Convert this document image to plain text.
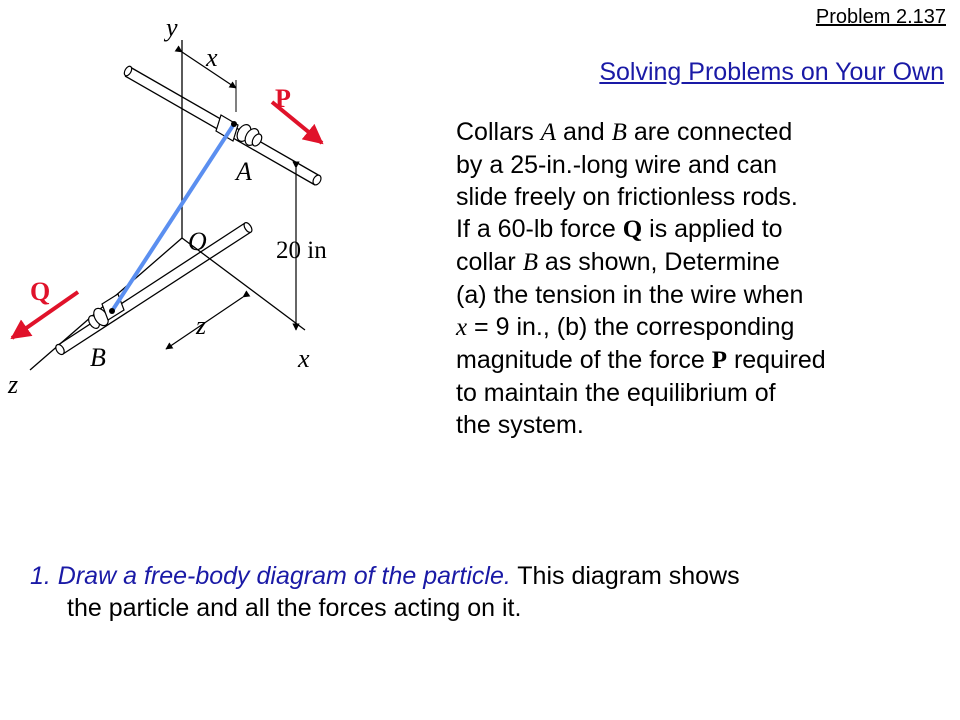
y
x
P
A
O	20 in
Q
z
B	x
z
Problem 2.137
Solving Problems on Your Own
Collars A and B are connected
by a 25-in.-long wire and can
slide freely on frictionless rods.
If a 60-lb force Q is applied to
collar B as shown, Determine
(a) the tension in the wire when
x = 9 in., (b) the corresponding
magnitude of the force P required
to maintain the equilibrium of
the system.
1. Draw a free-body diagram of the particle. This diagram shows
the particle and all the forces acting on it.
